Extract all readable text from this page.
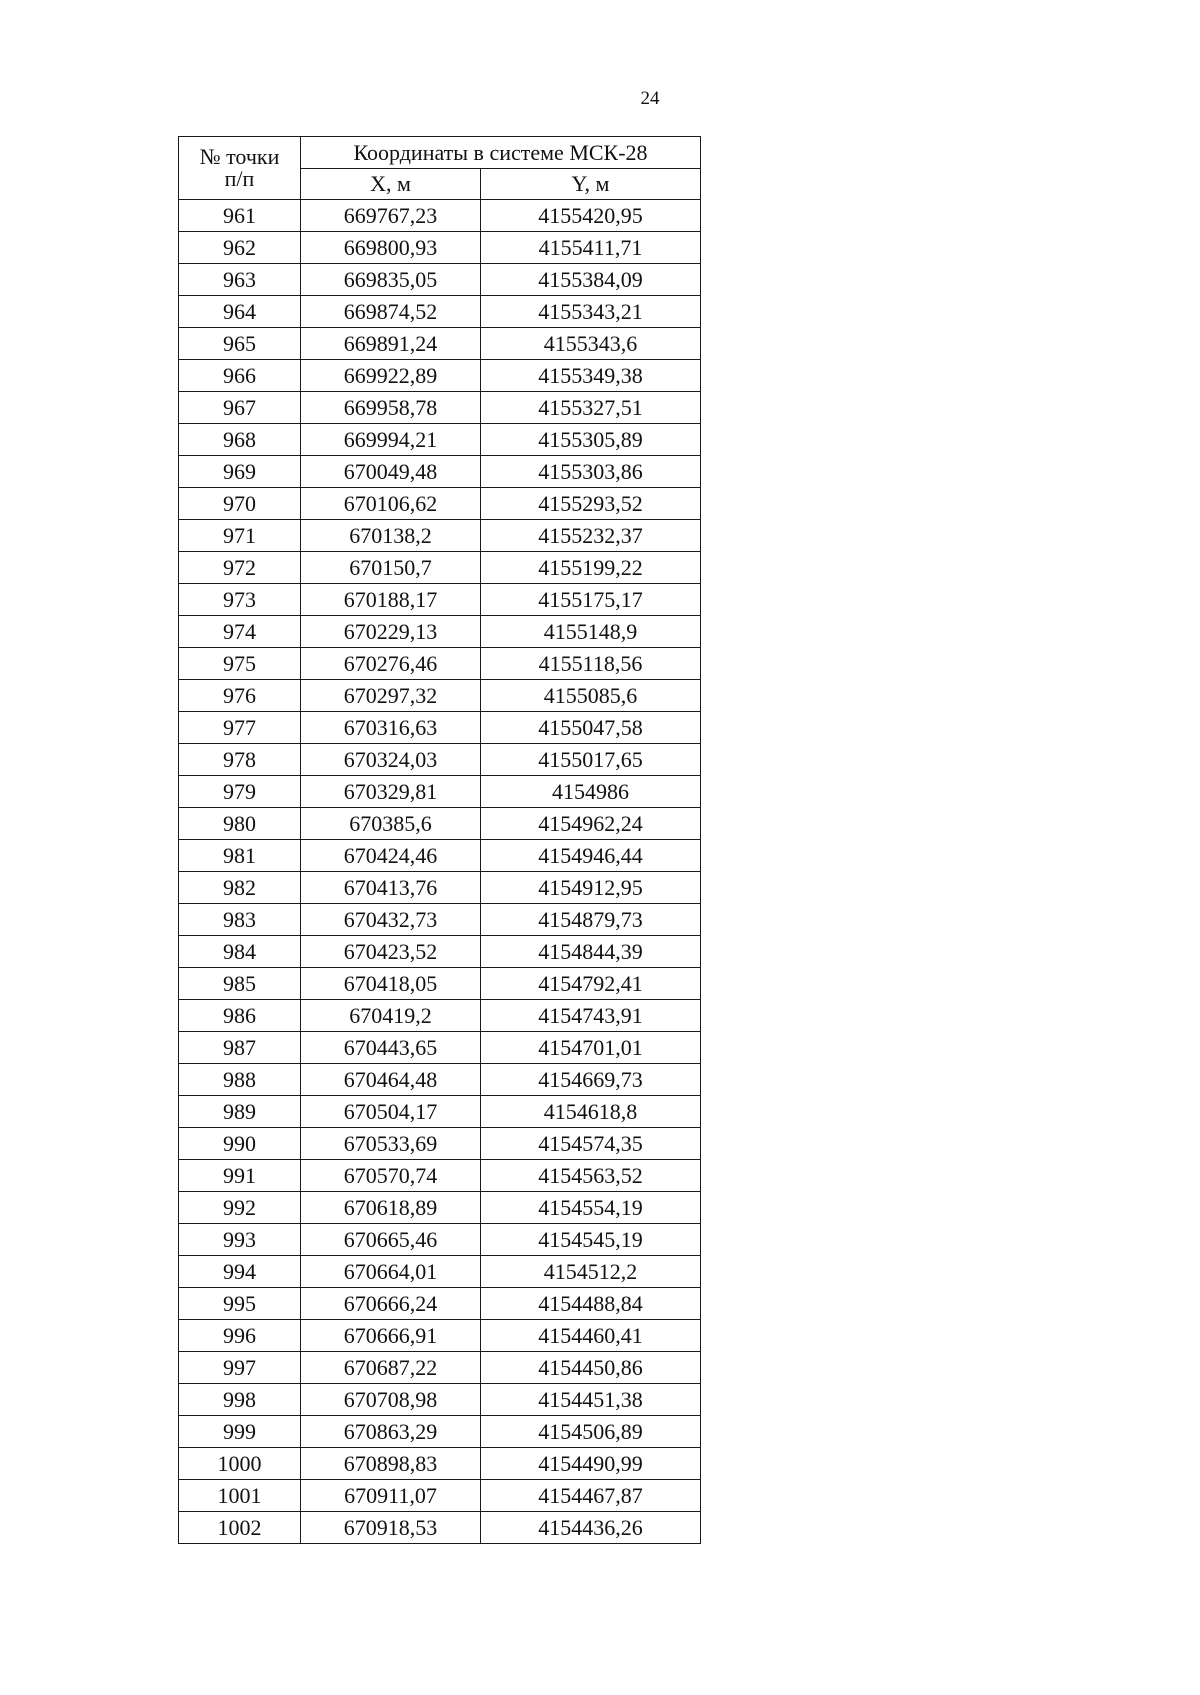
24
№ точки
п/п	Координаты в системе МСК-28	
	X, м	Y, м
961	669767,23	4155420,95
962	669800,93	4155411,71
963	669835,05	4155384,09
964	669874,52	4155343,21
965	669891,24	4155343,6
966	669922,89	4155349,38
967	669958,78	4155327,51
968	669994,21	4155305,89
969	670049,48	4155303,86
970	670106,62	4155293,52
971	670138,2	4155232,37
972	670150,7	4155199,22
973	670188,17	4155175,17
974	670229,13	4155148,9
975	670276,46	4155118,56
976	670297,32	4155085,6
977	670316,63	4155047,58
978	670324,03	4155017,65
979	670329,81	4154986
980	670385,6	4154962,24
981	670424,46	4154946,44
982	670413,76	4154912,95
983	670432,73	4154879,73
984	670423,52	4154844,39
985	670418,05	4154792,41
986	670419,2	4154743,91
987	670443,65	4154701,01
988	670464,48	4154669,73
989	670504,17	4154618,8
990	670533,69	4154574,35
991	670570,74	4154563,52
992	670618,89	4154554,19
993	670665,46	4154545,19
994	670664,01	4154512,2
995	670666,24	4154488,84
996	670666,91	4154460,41
997	670687,22	4154450,86
998	670708,98	4154451,38
999	670863,29	4154506,89
1000	670898,83	4154490,99
1001	670911,07	4154467,87
1002	670918,53	4154436,26
